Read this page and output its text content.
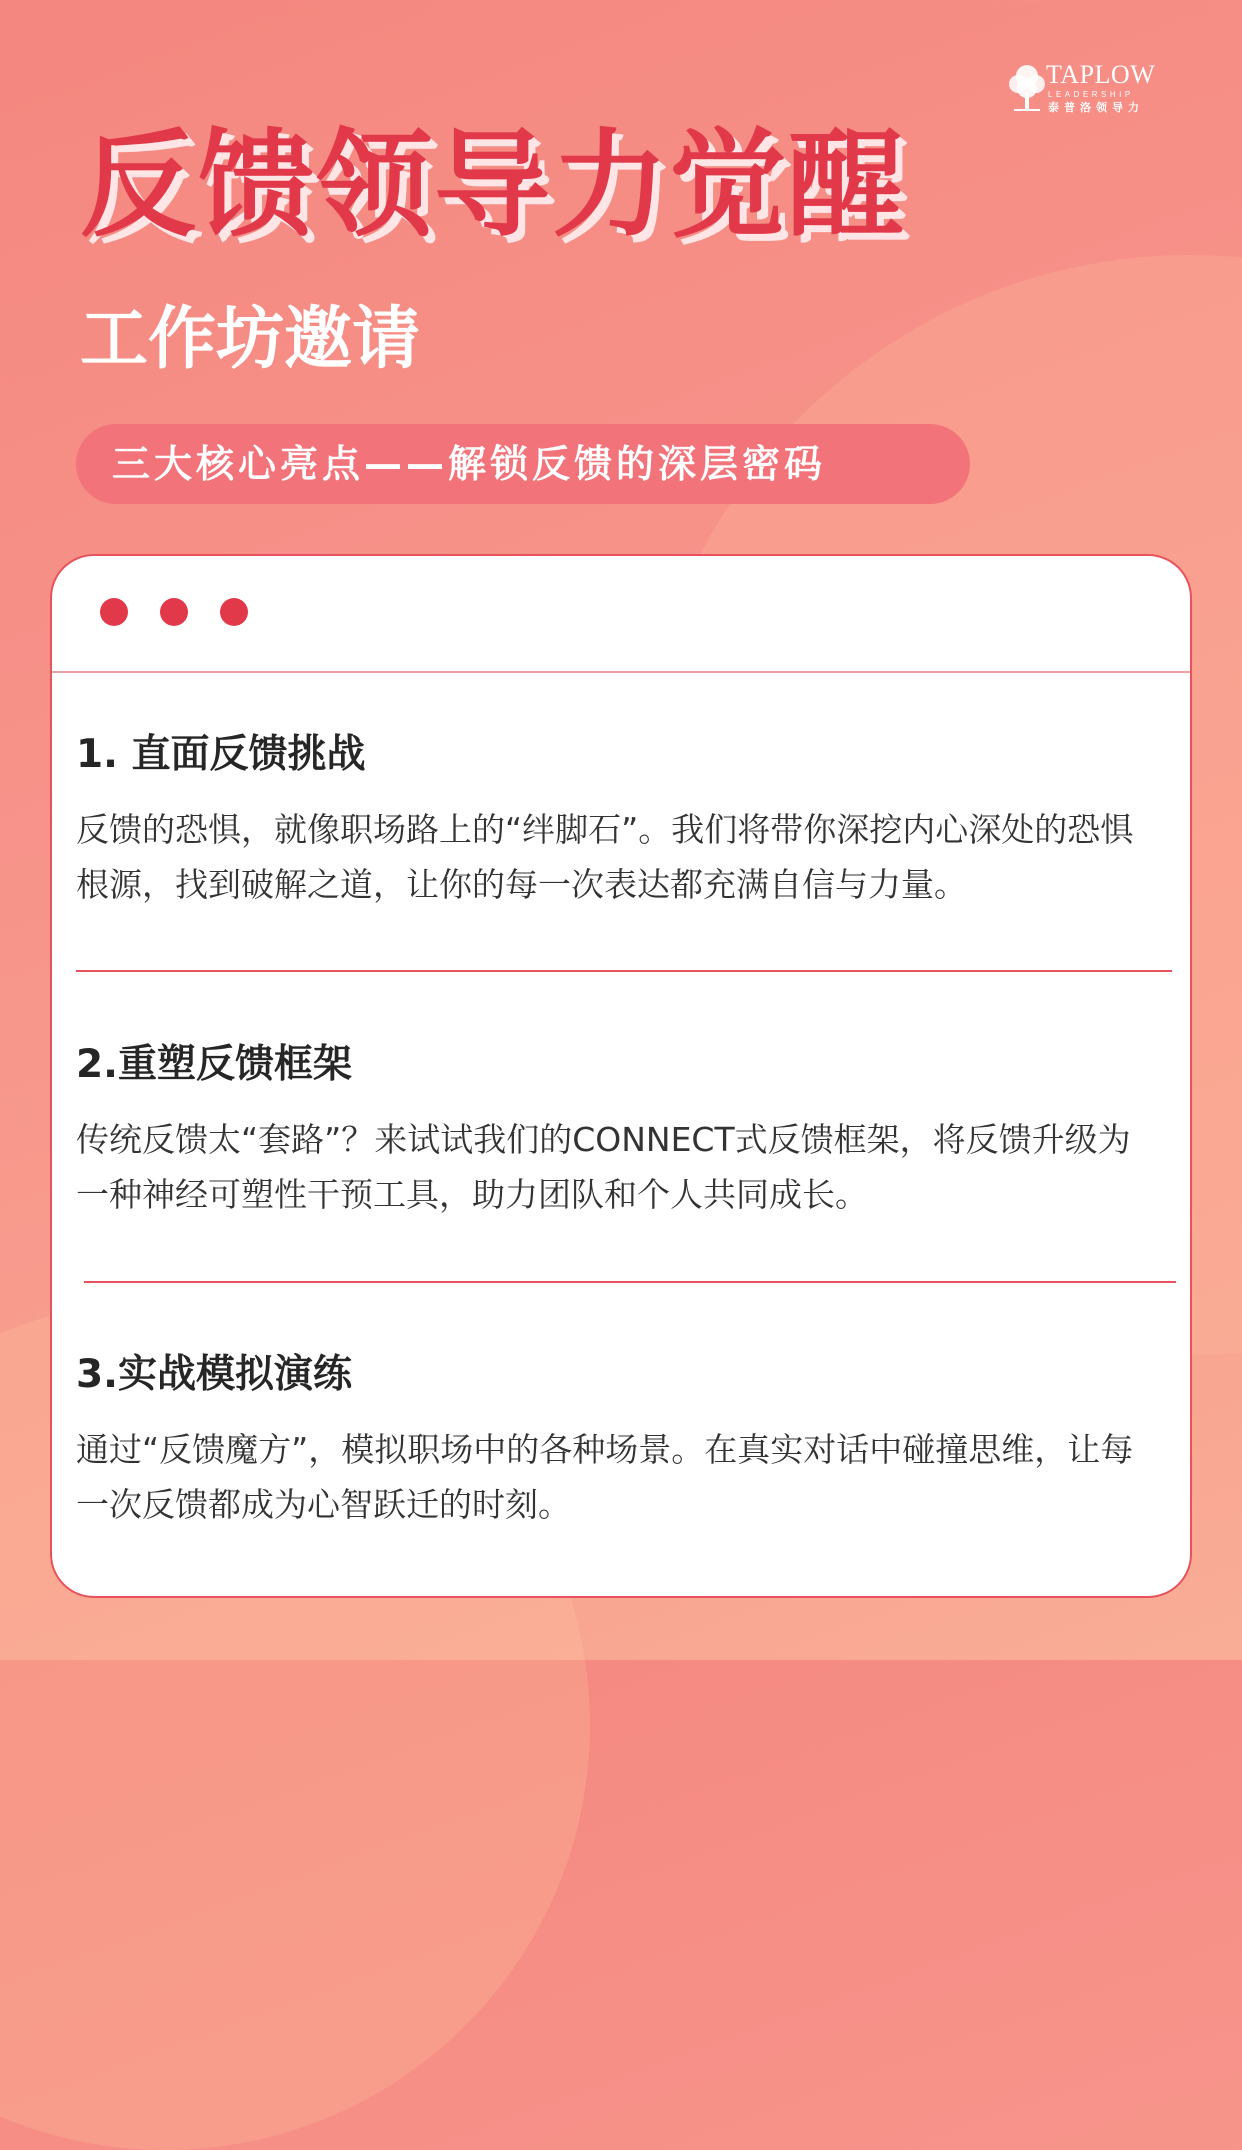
TAPLOW
LEADERSHIP
泰普洛领导力
反馈领导力觉醒
工作坊邀请
三大核心亮点——解锁反馈的深层密码
1. 直面反馈挑战

反馈的恐惧，就像职场路上的“绊脚石”。我们将带你深挖内心深处的恐惧根源，找到破解之道，让你的每一次表达都充满自信与力量。

2.重塑反馈框架

传统反馈太“套路”？来试试我们的CONNECT式反馈框架，将反馈升级为一种神经可塑性干预工具，助力团队和个人共同成长。

3.实战模拟演练

通过“反馈魔方”，模拟职场中的各种场景。在真实对话中碰撞思维，让每一次反馈都成为心智跃迁的时刻。
